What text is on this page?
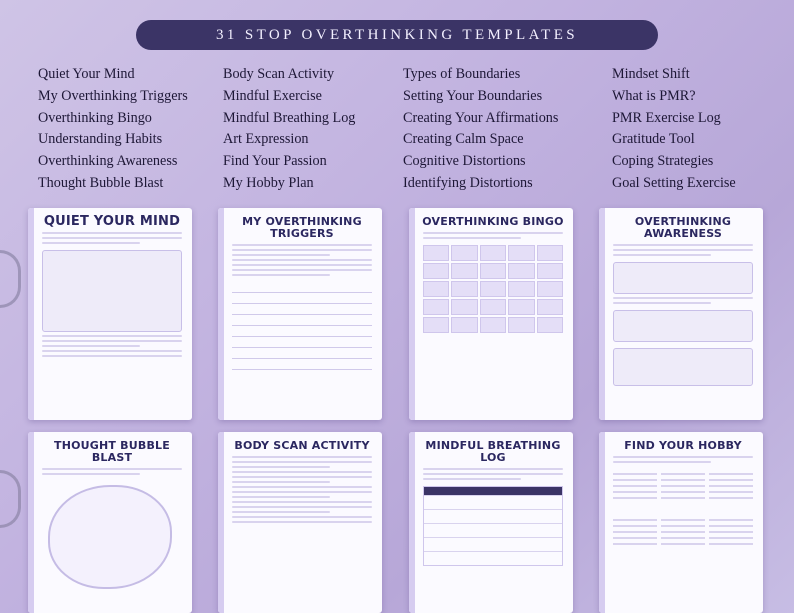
31 STOP OVERTHINKING TEMPLATES
Quiet Your Mind
My Overthinking Triggers
Overthinking Bingo
Understanding Habits
Overthinking Awareness
Thought Bubble Blast
Body Scan Activity
Mindful Exercise
Mindful Breathing Log
Art Expression
Find Your Passion
My Hobby Plan
Types of Boundaries
Setting Your Boundaries
Creating Your Affirmations
Creating Calm Space
Cognitive Distortions
Identifying Distortions
Mindset Shift
What is PMR?
PMR Exercise Log
Gratitude Tool
Coping Strategies
Goal Setting Exercise
QUIET YOUR MIND	MY OVERTHINKING TRIGGERS
OVERTHINKING BINGO	OVERTHINKING AWARENESS
THOUGHT BUBBLE BLAST
BODY SCAN ACTIVITY	MINDFUL BREATHING LOG
FIND YOUR HOBBY
